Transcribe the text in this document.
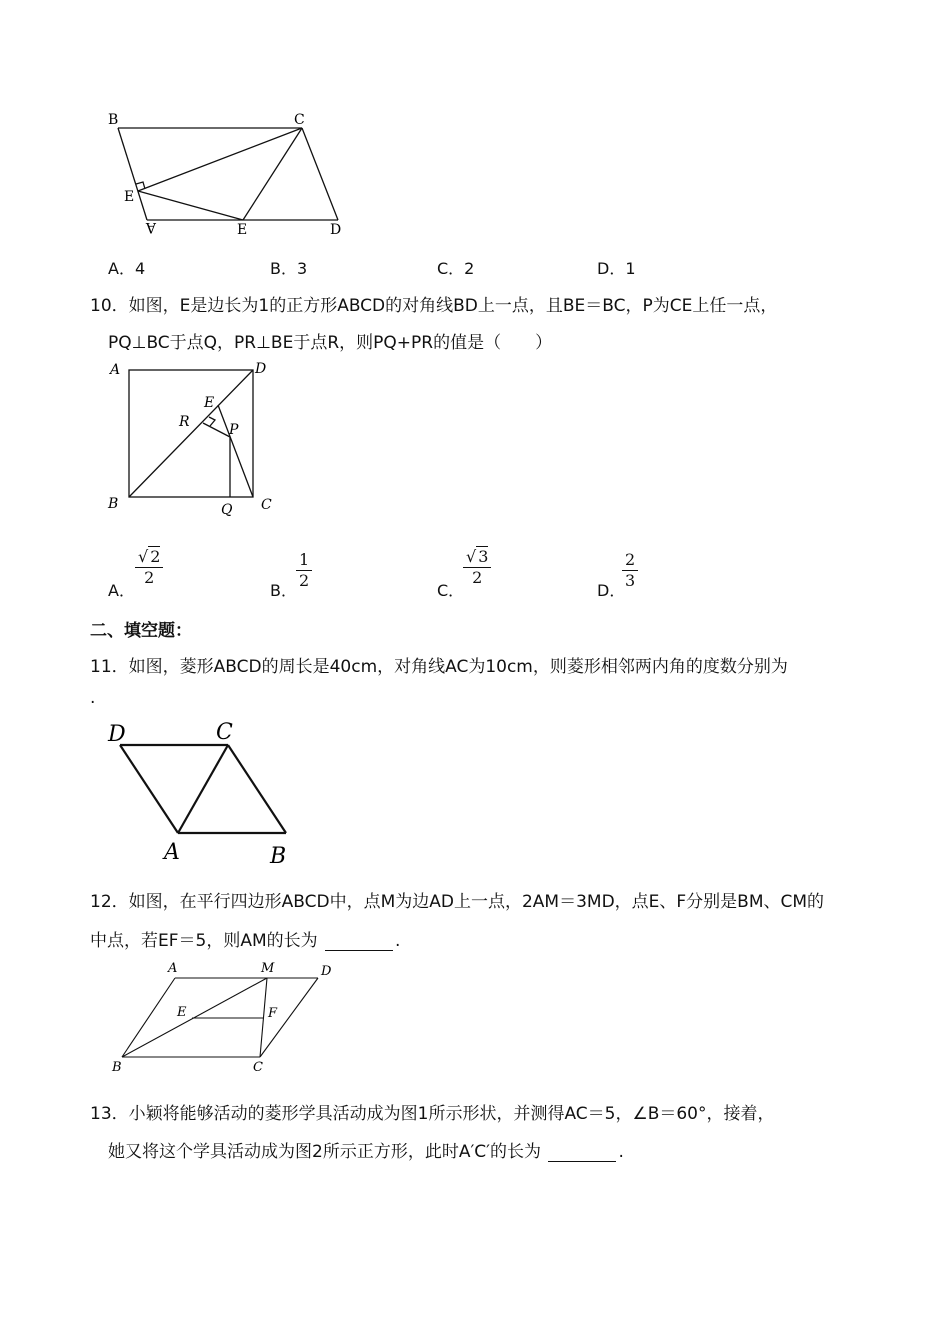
B	C
E
A	E	D
A．4	B．3	C．2	D．1
10．如图，E是边长为1的正方形ABCD的对角线BD上一点，且BE＝BC，P为CE上任一点，
PQ⊥BC于点Q，PR⊥BE于点R，则PQ+PR的值是（　　）
A	D
E
R	P
B	Q C
A．
$\frac{√ 2}{2}$
B． $\frac{1}{2}$	C．
$\frac{√ 3}{2}$
D．
$\frac{2}{3}$
二、填空题：
11．如图，菱形ABCD的周长是40cm，对角线AC为10cm，则菱形相邻两内角的度数分别为
.
D	C
A	B
12．如图，在平行四边形ABCD中，点M为边AD上一点，2AM＝3MD，点E、F分别是BM、CM的
中点，若EF＝5，则AM的长为	.
A	M	D
E	F
B	C
13．小颖将能够活动的菱形学具活动成为图1所示形状，并测得AC＝5，∠B＝60°，接着，
她又将这个学具活动成为图2所示正方形，此时A′C′的长为	.
